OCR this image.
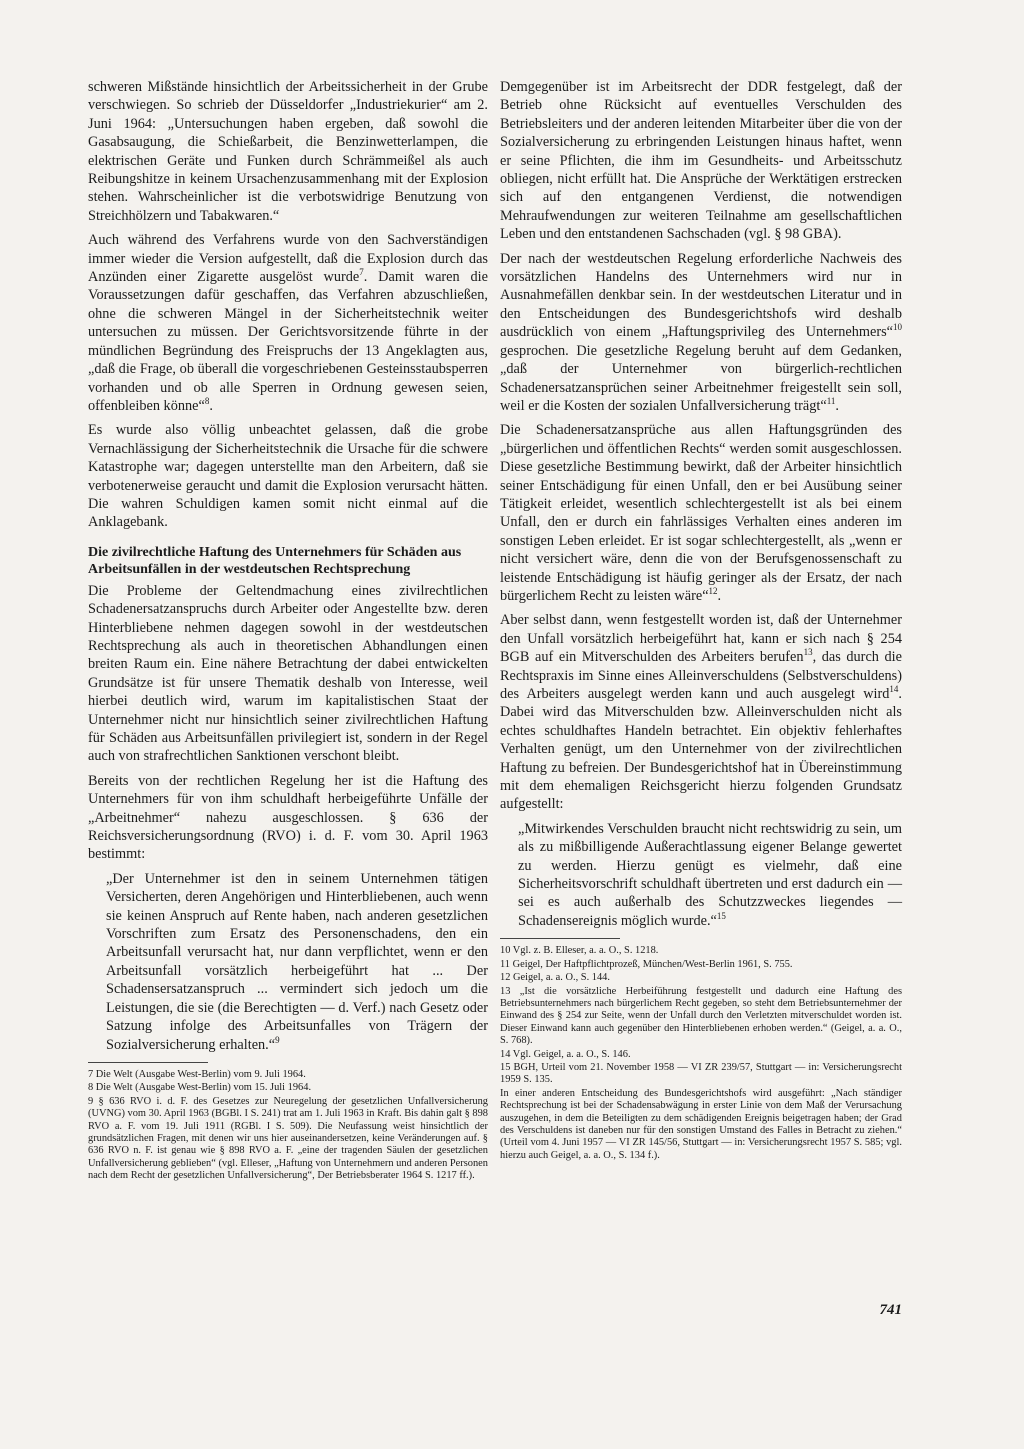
schweren Mißstände hinsichtlich der Arbeitssicherheit in der Grube verschwiegen. So schrieb der Düsseldorfer „Industriekurier“ am 2. Juni 1964: „Untersuchungen haben ergeben, daß sowohl die Gasabsaugung, die Schießarbeit, die Benzinwetterlampen, die elektrischen Geräte und Funken durch Schrämmeißel als auch Reibungshitze in keinem Ursachenzusammenhang mit der Explosion stehen. Wahrscheinlicher ist die verbotswidrige Benutzung von Streichhölzern und Tabakwaren.“

Auch während des Verfahrens wurde von den Sachverständigen immer wieder die Version aufgestellt, daß die Explosion durch das Anzünden einer Zigarette ausgelöst wurde$^7$. Damit waren die Voraussetzungen dafür geschaffen, das Verfahren abzuschließen, ohne die schweren Mängel in der Sicherheitstechnik weiter untersuchen zu müssen. Der Gerichtsvorsitzende führte in der mündlichen Begründung des Freispruchs der 13 Angeklagten aus, „daß die Frage, ob überall die vorgeschriebenen Gesteinsstaubsperren vorhanden und ob alle Sperren in Ordnung gewesen seien, offenbleiben könne“$^8$.

Es wurde also völlig unbeachtet gelassen, daß die grobe Vernachlässigung der Sicherheitstechnik die Ursache für die schwere Katastrophe war; dagegen unterstellte man den Arbeitern, daß sie verbotenerweise geraucht und damit die Explosion verursacht hätten. Die wahren Schuldigen kamen somit nicht einmal auf die Anklagebank.

Die zivilrechtliche Haftung des Unternehmers für Schäden aus Arbeitsunfällen in der westdeutschen Rechtsprechung

Die Probleme der Geltendmachung eines zivilrechtlichen Schadenersatzanspruchs durch Arbeiter oder Angestellte bzw. deren Hinterbliebene nehmen dagegen sowohl in der westdeutschen Rechtsprechung als auch in theoretischen Abhandlungen einen breiten Raum ein. Eine nähere Betrachtung der dabei entwickelten Grundsätze ist für unsere Thematik deshalb von Interesse, weil hierbei deutlich wird, warum im kapitalistischen Staat der Unternehmer nicht nur hinsichtlich seiner zivilrechtlichen Haftung für Schäden aus Arbeitsunfällen privilegiert ist, sondern in der Regel auch von strafrechtlichen Sanktionen verschont bleibt.

Bereits von der rechtlichen Regelung her ist die Haftung des Unternehmers für von ihm schuldhaft herbeigeführte Unfälle der „Arbeitnehmer“ nahezu ausgeschlossen. § 636 der Reichsversicherungsordnung (RVO) i. d. F. vom 30. April 1963 bestimmt:

„Der Unternehmer ist den in seinem Unternehmen tätigen Versicherten, deren Angehörigen und Hinterbliebenen, auch wenn sie keinen Anspruch auf Rente haben, nach anderen gesetzlichen Vorschriften zum Ersatz des Personenschadens, den ein Arbeitsunfall verursacht hat, nur dann verpflichtet, wenn er den Arbeitsunfall vorsätzlich herbeigeführt hat ... Der Schadensersatzanspruch ... vermindert sich jedoch um die Leistungen, die sie (die Berechtigten — d. Verf.) nach Gesetz oder Satzung infolge des Arbeitsunfalles von Trägern der Sozialversicherung erhalten.“$^9$

7 Die Welt (Ausgabe West-Berlin) vom 9. Juli 1964.

8 Die Welt (Ausgabe West-Berlin) vom 15. Juli 1964.

9 § 636 RVO i. d. F. des Gesetzes zur Neuregelung der gesetzlichen Unfallversicherung (UVNG) vom 30. April 1963 (BGBl. I S. 241) trat am 1. Juli 1963 in Kraft. Bis dahin galt § 898 RVO a. F. vom 19. Juli 1911 (RGBl. I S. 509). Die Neufassung weist hinsichtlich der grundsätzlichen Fragen, mit denen wir uns hier auseinandersetzen, keine Veränderungen auf. § 636 RVO n. F. ist genau wie § 898 RVO a. F. „eine der tragenden Säulen der gesetzlichen Unfallversicherung geblieben“ (vgl. Elleser, „Haftung von Unternehmern und anderen Personen nach dem Recht der gesetzlichen Unfallversicherung“, Der Betriebsberater 1964 S. 1217 ff.).

Demgegenüber ist im Arbeitsrecht der DDR festgelegt, daß der Betrieb ohne Rücksicht auf eventuelles Verschulden des Betriebsleiters und der anderen leitenden Mitarbeiter über die von der Sozialversicherung zu erbringenden Leistungen hinaus haftet, wenn er seine Pflichten, die ihm im Gesundheits- und Arbeitsschutz obliegen, nicht erfüllt hat. Die Ansprüche der Werktätigen erstrecken sich auf den entgangenen Verdienst, die notwendigen Mehraufwendungen zur weiteren Teilnahme am gesellschaftlichen Leben und den entstandenen Sachschaden (vgl. § 98 GBA).

Der nach der westdeutschen Regelung erforderliche Nachweis des vorsätzlichen Handelns des Unternehmers wird nur in Ausnahmefällen denkbar sein. In der westdeutschen Literatur und in den Entscheidungen des Bundesgerichtshofs wird deshalb ausdrücklich von einem „Haftungsprivileg des Unternehmers“$^{10}$ gesprochen. Die gesetzliche Regelung beruht auf dem Gedanken, „daß der Unternehmer von bürgerlich-rechtlichen Schadenersatzansprüchen seiner Arbeitnehmer freigestellt sein soll, weil er die Kosten der sozialen Unfallversicherung trägt“$^{11}$.

Die Schadenersatzansprüche aus allen Haftungsgründen des „bürgerlichen und öffentlichen Rechts“ werden somit ausgeschlossen. Diese gesetzliche Bestimmung bewirkt, daß der Arbeiter hinsichtlich seiner Entschädigung für einen Unfall, den er bei Ausübung seiner Tätigkeit erleidet, wesentlich schlechtergestellt ist als bei einem Unfall, den er durch ein fahrlässiges Verhalten eines anderen im sonstigen Leben erleidet. Er ist sogar schlechtergestellt, als „wenn er nicht versichert wäre, denn die von der Berufsgenossenschaft zu leistende Entschädigung ist häufig geringer als der Ersatz, der nach bürgerlichem Recht zu leisten wäre“$^{12}$.

Aber selbst dann, wenn festgestellt worden ist, daß der Unternehmer den Unfall vorsätzlich herbeigeführt hat, kann er sich nach § 254 BGB auf ein Mitverschulden des Arbeiters berufen$^{13}$, das durch die Rechtspraxis im Sinne eines Alleinverschuldens (Selbstverschuldens) des Arbeiters ausgelegt werden kann und auch ausgelegt wird$^{14}$. Dabei wird das Mitverschulden bzw. Alleinverschulden nicht als echtes schuldhaftes Handeln betrachtet. Ein objektiv fehlerhaftes Verhalten genügt, um den Unternehmer von der zivilrechtlichen Haftung zu befreien. Der Bundesgerichtshof hat in Übereinstimmung mit dem ehemaligen Reichsgericht hierzu folgenden Grundsatz aufgestellt:

„Mitwirkendes Verschulden braucht nicht rechtswidrig zu sein, um als zu mißbilligende Außerachtlassung eigener Belange gewertet zu werden. Hierzu genügt es vielmehr, daß eine Sicherheitsvorschrift schuldhaft übertreten und erst dadurch ein — sei es auch außerhalb des Schutzzweckes liegendes — Schadensereignis möglich wurde.“$^{15}$

10 Vgl. z. B. Elleser, a. a. O., S. 1218.

11 Geigel, Der Haftpflichtprozeß, München/West-Berlin 1961, S. 755.

12 Geigel, a. a. O., S. 144.

13 „Ist die vorsätzliche Herbeiführung festgestellt und dadurch eine Haftung des Betriebsunternehmers nach bürgerlichem Recht gegeben, so steht dem Betriebsunternehmer der Einwand des § 254 zur Seite, wenn der Unfall durch den Verletzten mitverschuldet worden ist. Dieser Einwand kann auch gegenüber den Hinterbliebenen erhoben werden.“ (Geigel, a. a. O., S. 768).

14 Vgl. Geigel, a. a. O., S. 146.

15 BGH, Urteil vom 21. November 1958 — VI ZR 239/57, Stuttgart — in: Versicherungsrecht 1959 S. 135.

In einer anderen Entscheidung des Bundesgerichtshofs wird ausgeführt: „Nach ständiger Rechtsprechung ist bei der Schadensabwägung in erster Linie von dem Maß der Verursachung auszugehen, in dem die Beteiligten zu dem schädigenden Ereignis beigetragen haben; der Grad des Verschuldens ist daneben nur für den sonstigen Umstand des Falles in Betracht zu ziehen.“ (Urteil vom 4. Juni 1957 — VI ZR 145/56, Stuttgart — in: Versicherungsrecht 1957 S. 585; vgl. hierzu auch Geigel, a. a. O., S. 134 f.).

741
